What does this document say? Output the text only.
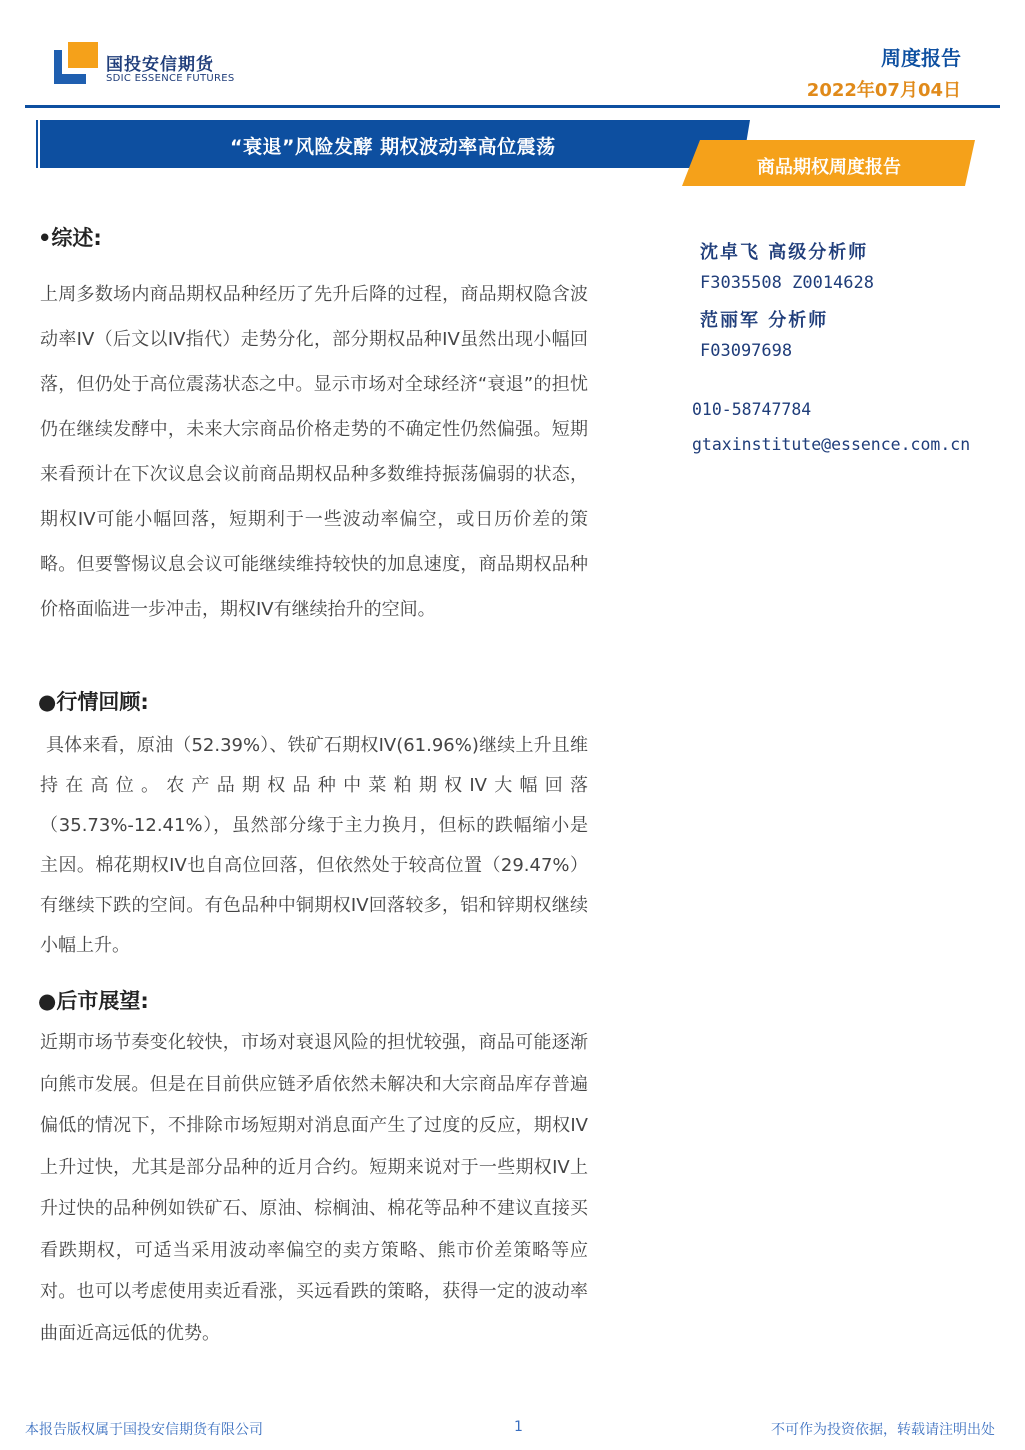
国投安信期货
SDIC ESSENCE FUTURES
周度报告
2022年07月04日
“衰退”风险发酵 期权波动率高位震荡
商品期权周度报告
•综述:

上周多数场内商品期权品种经历了先升后降的过程，商品期权隐含波动率IV（后文以IV指代）走势分化，部分期权品种IV虽然出现小幅回落，但仍处于高位震荡状态之中。显示市场对全球经济“衰退”的担忧仍在继续发酵中，未来大宗商品价格走势的不确定性仍然偏强。短期来看预计在下次议息会议前商品期权品种多数维持振荡偏弱的状态，期权IV可能小幅回落，短期利于一些波动率偏空，或日历价差的策略。但要警惕议息会议可能继续维持较快的加息速度，商品期权品种价格面临进一步冲击，期权IV有继续抬升的空间。

●行情回顾:

具体来看，原油（52.39%）、铁矿石期权IV(61.96%)继续上升且维持在高位。农产品期权品种中菜粕期权IV大幅回落（35.73%-12.41%），虽然部分缘于主力换月，但标的跌幅缩小是主因。棉花期权IV也自高位回落，但依然处于较高位置（29.47%）有继续下跌的空间。有色品种中铜期权IV回落较多，铝和锌期权继续小幅上升。

●后市展望:

近期市场节奏变化较快，市场对衰退风险的担忧较强，商品可能逐渐向熊市发展。但是在目前供应链矛盾依然未解决和大宗商品库存普遍偏低的情况下，不排除市场短期对消息面产生了过度的反应，期权IV上升过快，尤其是部分品种的近月合约。短期来说对于一些期权IV上升过快的品种例如铁矿石、原油、棕榈油、棉花等品种不建议直接买看跌期权，可适当采用波动率偏空的卖方策略、熊市价差策略等应对。也可以考虑使用卖近看涨，买远看跌的策略，获得一定的波动率曲面近高远低的优势。

沈卓飞 高级分析师
F3035508 Z0014628
范丽军 分析师
F03097698
010-58747784
gtaxinstitute@essence.com.cn
本报告版权属于国投安信期货有限公司	1	不可作为投资依据，转载请注明出处
